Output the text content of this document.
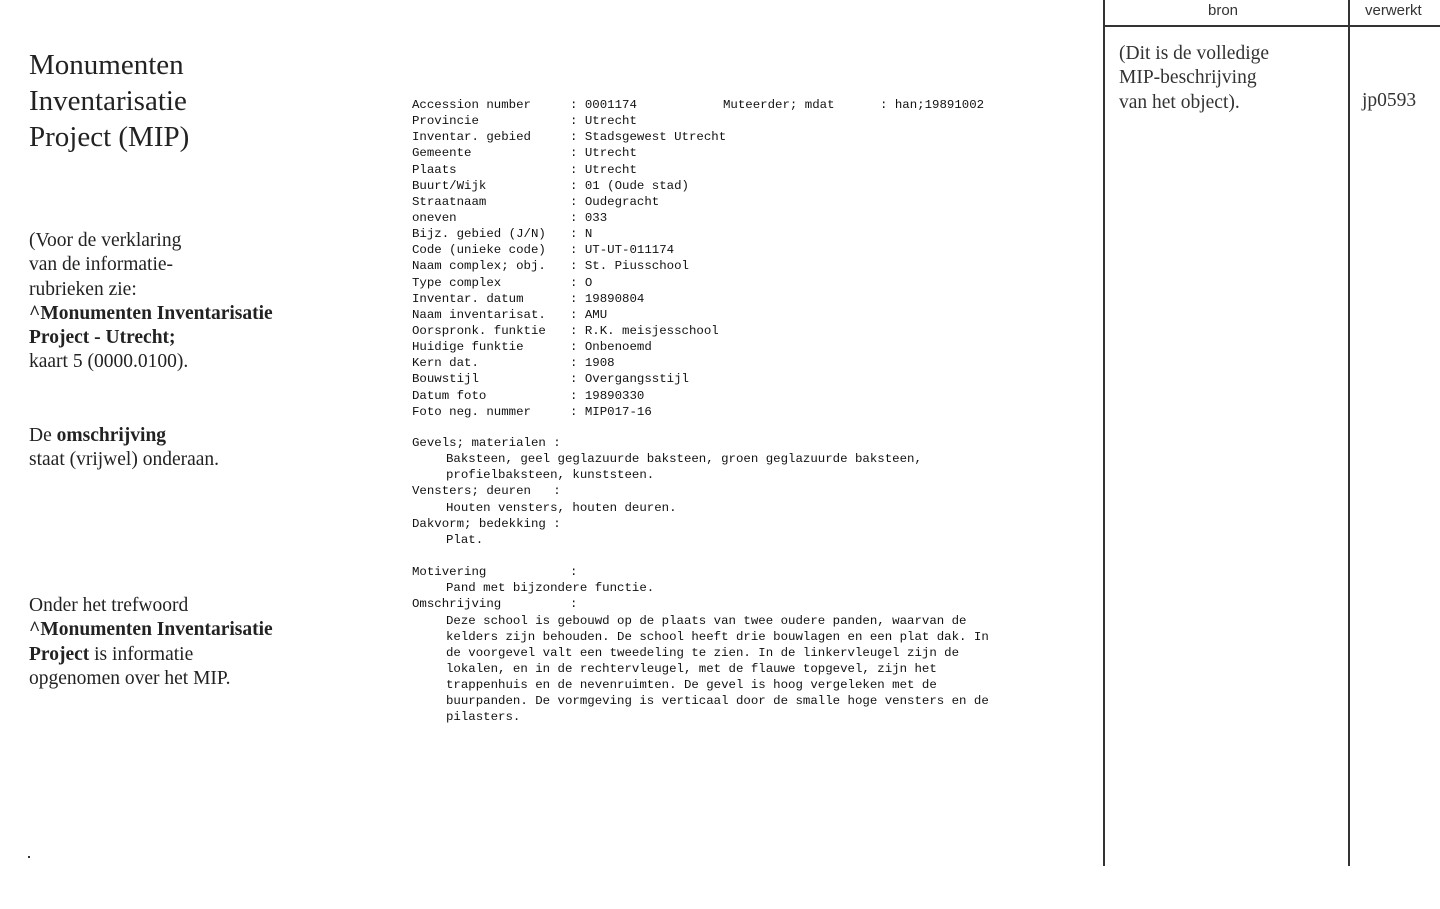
Monumenten
Inventarisatie
Project (MIP)
(Voor de verklaring
van de informatie-
rubrieken zie:
^Monumenten Inventarisatie
Project - Utrecht;
kaart 5 (0000.0100).
De omschrijving
staat (vrijwel) onderaan.
Onder het trefwoord
^Monumenten Inventarisatie
Project is informatie
opgenomen over het MIP.
Accession number	: 0001174
Provincie	: Utrecht
Inventar. gebied	: Stadsgewest Utrecht
Gemeente	: Utrecht
Plaats	: Utrecht
Buurt/Wijk	: 01 (Oude stad)
Straatnaam	: Oudegracht
oneven	: 033
Bijz. gebied (J/N) : N
Code (unieke code) : UT-UT-011174
Naam complex; obj. : St. Piusschool
Type complex	: O
Inventar. datum	: 19890804
Naam inventarisat. : AMU
Oorspronk. funktie : R.K. meisjesschool
Huidige funktie	: Onbenoemd
Kern dat.	: 1908
Bouwstijl	: Overgangsstijl
Datum foto	: 19890330
Foto neg. nummer	: MIP017-16
Muteerder; mdat	: han;19891002
Gevels; materialen :
Baksteen, geel geglazuurde baksteen, groen geglazuurde baksteen,
profielbaksteen, kunststeen.
Vensters; deuren   :
Houten vensters, houten deuren.
Dakvorm; bedekking :
Plat.
Motivering	:
Pand met bijzondere functie.
Omschrijving	:
Deze school is gebouwd op de plaats van twee oudere panden, waarvan de
kelders zijn behouden. De school heeft drie bouwlagen en een plat dak. In
de voorgevel valt een tweedeling te zien. In de linkervleugel zijn de
lokalen, en in de rechtervleugel, met de flauwe topgevel, zijn het
trappenhuis en de nevenruimten. De gevel is hoog vergeleken met de
buurpanden. De vormgeving is verticaal door de smalle hoge vensters en de
pilasters.
bron	verwerkt
(Dit is de volledige
MIP-beschrijving
van het object).	jp0593
